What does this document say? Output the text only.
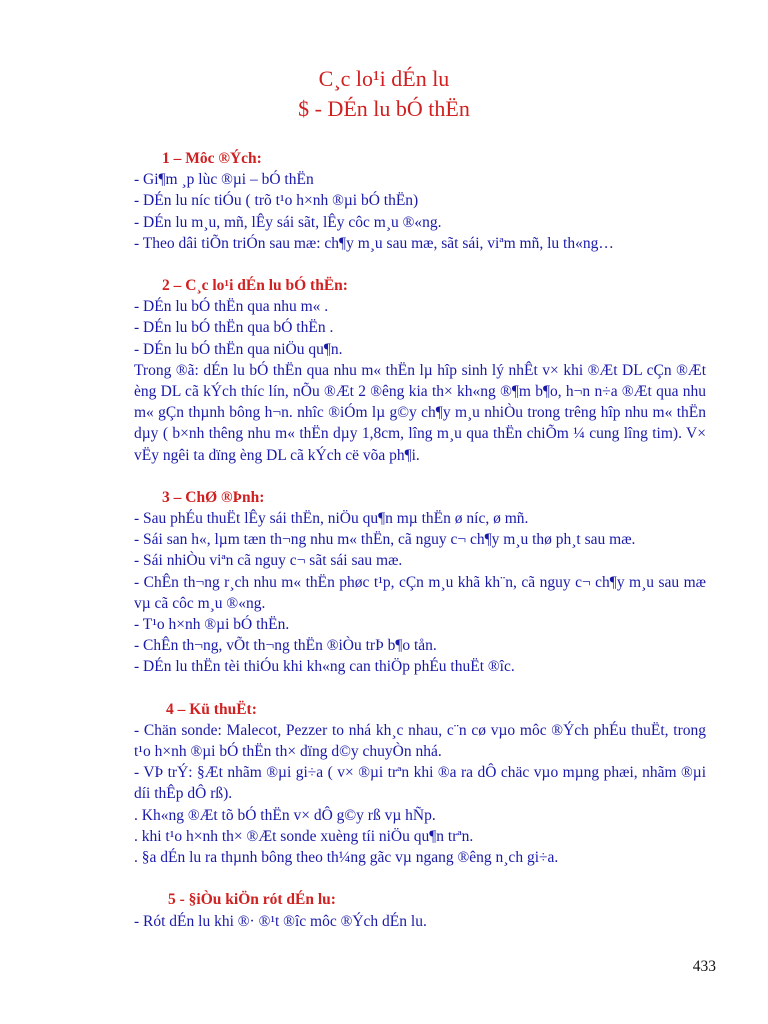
C¸c lo¹i dÉn lu
$ - DÉn lu bÓ thËn
1 – Môc ®Ých:

- Gi¶m ¸p lùc ®µi – bÓ thËn

- DÉn lu níc tiÓu ( trõ t¹o h×nh ®µi bÓ thËn)

- DÉn lu m¸u, mñ, lÊy sái sãt, lÊy côc m¸u ®«ng.

- Theo dâi tiÕn triÓn sau mæ: ch¶y m¸u sau mæ, sãt sái, viªm mñ, lu th«ng…

2 – C¸c lo¹i dÉn lu bÓ thËn:

- DÉn lu bÓ thËn qua nhu m« .

- DÉn lu bÓ thËn qua bÓ thËn .

- DÉn lu bÓ thËn qua niÖu qu¶n.

Trong ®ã: dÉn lu bÓ thËn qua nhu m« thËn lµ hîp sinh lý nhÊt v× khi ®Æt DL cÇn ®Æt èng DL cã kÝch thíc lín, nÕu ®Æt 2 ®êng kia th× kh«ng ®¶m b¶o, h¬n n÷a ®Æt qua nhu m« gÇn thµnh bông h¬n. nhîc ®iÓm lµ g©y ch¶y m¸u nhiÒu trong trêng hîp nhu m« thËn dµy ( b×nh thêng nhu m« thËn dµy 1,8cm, lîng m¸u qua thËn chiÕm ¼ cung lîng tim). V× vËy ngêi ta dïng èng DL cã kÝch cë võa ph¶i.

3 – ChØ ®Þnh:

- Sau phÉu thuËt lÊy sái thËn, niÖu qu¶n mµ thËn ø níc, ø mñ.

- Sái san h«, lµm tæn th¬ng nhu m« thËn, cã nguy c¬ ch¶y m¸u thø ph¸t sau mæ.

- Sái nhiÒu viªn cã nguy c¬ sãt sái sau mæ.

- ChÊn th¬ng r¸ch nhu m« thËn phøc t¹p, cÇn m¸u khã kh¨n, cã nguy c¬ ch¶y m¸u sau mæ vµ cã côc m¸u ®«ng.

- T¹o h×nh ®µi bÓ thËn.

- ChÊn th¬ng, vÕt th¬ng thËn ®iÒu trÞ b¶o tån.

- DÉn lu thËn tèi thiÓu khi kh«ng can thiÖp phÉu thuËt ®îc.

4 – Kü thuËt:

- Chän sonde: Malecot, Pezzer to nhá kh¸c nhau, c¨n cø vµo môc ®Ých phÉu thuËt, trong t¹o h×nh ®µi bÓ thËn th× dïng d©y chuyÒn nhá.

- VÞ trÝ: §Æt nhãm ®µi gi÷a ( v× ®µi trªn khi ®a ra dÔ chäc vµo mµng phæi, nhãm ®µi díi thÊp dÔ rß).

. Kh«ng ®Æt tõ bÓ thËn v× dÔ g©y rß vµ hÑp.

. khi t¹o h×nh th× ®Æt sonde xuèng tíi niÖu qu¶n trªn.

. §a dÉn lu ra thµnh bông theo th¼ng gãc vµ ngang ®êng n¸ch gi÷a.

5 - §iÒu kiÖn rót dÉn lu:

- Rót dÉn lu khi ®· ®¹t ®îc môc ®Ých dÉn lu.

433
